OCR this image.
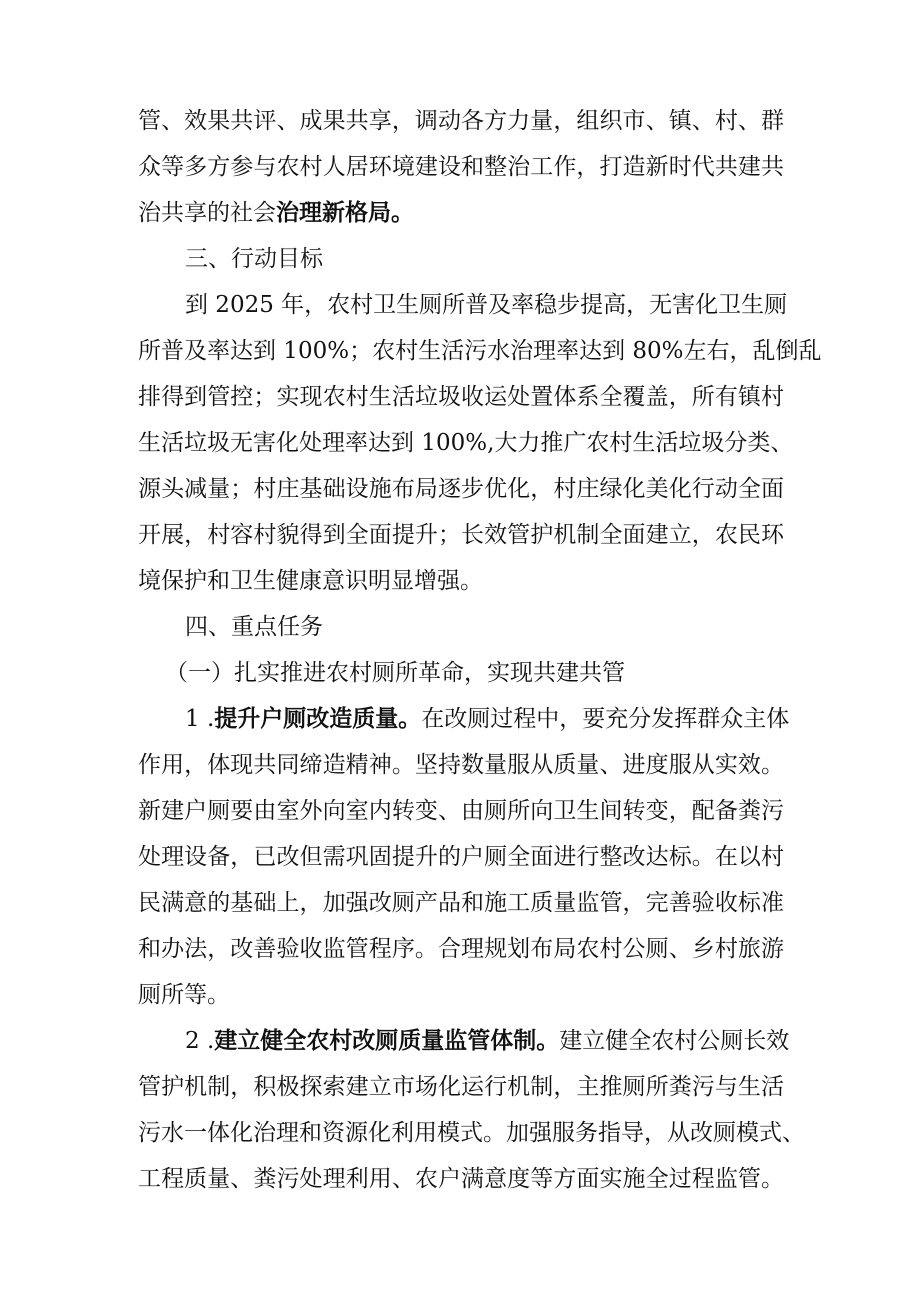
管、效果共评、成果共享，调动各方力量，组织市、镇、村、群
众等多方参与农村人居环境建设和整治工作，打造新时代共建共
治共享的社会治理新格局。
三、行动目标
到 2025 年，农村卫生厕所普及率稳步提高，无害化卫生厕
所普及率达到 100%；农村生活污水治理率达到 80%左右，乱倒乱
排得到管控；实现农村生活垃圾收运处置体系全覆盖，所有镇村
生活垃圾无害化处理率达到 100%,大力推广农村生活垃圾分类、
源头减量；村庄基础设施布局逐步优化，村庄绿化美化行动全面
开展，村容村貌得到全面提升；长效管护机制全面建立，农民环
境保护和卫生健康意识明显增强。
四、重点任务
（一）扎实推进农村厕所革命，实现共建共管
1 .提升户厕改造质量。在改厕过程中，要充分发挥群众主体
作用，体现共同缔造精神。坚持数量服从质量、进度服从实效。
新建户厕要由室外向室内转变、由厕所向卫生间转变，配备粪污
处理设备，已改但需巩固提升的户厕全面进行整改达标。在以村
民满意的基础上，加强改厕产品和施工质量监管，完善验收标准
和办法，改善验收监管程序。合理规划布局农村公厕、乡村旅游
厕所等。
2 .建立健全农村改厕质量监管体制。建立健全农村公厕长效
管护机制，积极探索建立市场化运行机制，主推厕所粪污与生活
污水一体化治理和资源化利用模式。加强服务指导，从改厕模式、
工程质量、粪污处理利用、农户满意度等方面实施全过程监管。
